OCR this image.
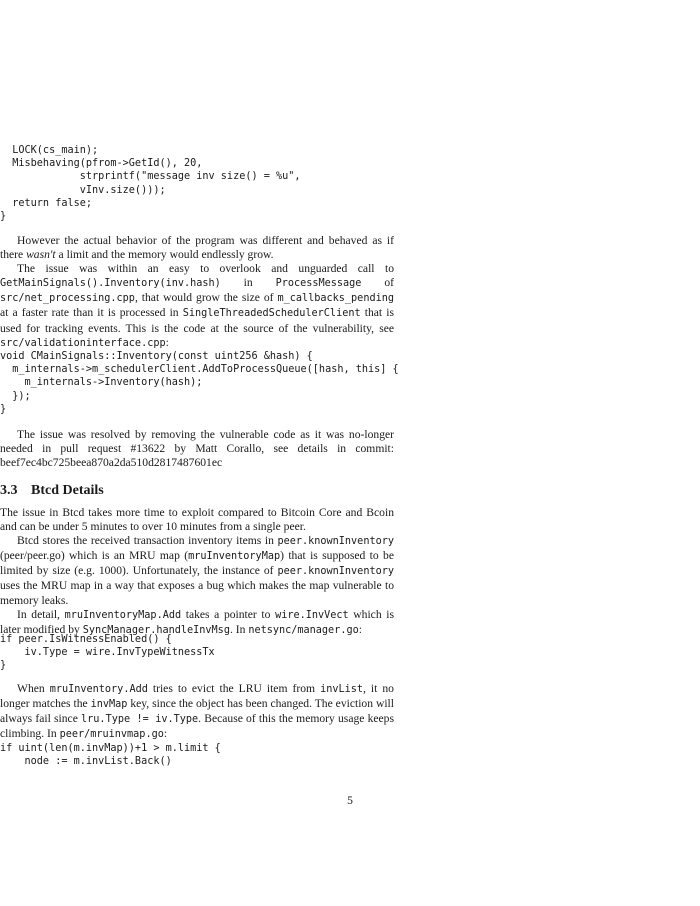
LOCK(cs_main);
Misbehaving(pfrom->GetId(), 20,
strprintf("message inv size() = %u",
vInv.size()));
return false;
}

However the actual behavior of the program was different and behaved as if there wasn't a limit and the memory would endlessly grow.

The issue was within an easy to overlook and unguarded call to GetMainSignals().Inventory(inv.hash) in ProcessMessage of src/net_processing.cpp, that would grow the size of m_callbacks_pending at a faster rate than it is processed in SingleThreadedSchedulerClient that is used for tracking events. This is the code at the source of the vulnerability, see src/validationinterface.cpp:

void CMainSignals::Inventory(const uint256 &hash) {
m_internals->m_schedulerClient.AddToProcessQueue([hash, this] {
m_internals->Inventory(hash);
});
}

The issue was resolved by removing the vulnerable code as it was no-longer needed in pull request #13622 by Matt Corallo, see details in commit: beef7ec4bc725beea870a2da510d2817487601ec

3.3 Btcd Details

The issue in Btcd takes more time to exploit compared to Bitcoin Core and Bcoin and can be under 5 minutes to over 10 minutes from a single peer.

Btcd stores the received transaction inventory items in peer.knownInventory (peer/peer.go) which is an MRU map (mruInventoryMap) that is supposed to be limited by size (e.g. 1000). Unfortunately, the instance of peer.knownInventory uses the MRU map in a way that exposes a bug which makes the map vulnerable to memory leaks.

In detail, mruInventoryMap.Add takes a pointer to wire.InvVect which is later modified by SyncManager.handleInvMsg. In netsync/manager.go:

if peer.IsWitnessEnabled() {
iv.Type = wire.InvTypeWitnessTx
}

When mruInventory.Add tries to evict the LRU item from invList, it no longer matches the invMap key, since the object has been changed. The eviction will always fail since lru.Type != iv.Type. Because of this the memory usage keeps climbing. In peer/mruinvmap.go:

if uint(len(m.invMap))+1 > m.limit {
node := m.invList.Back()
5
